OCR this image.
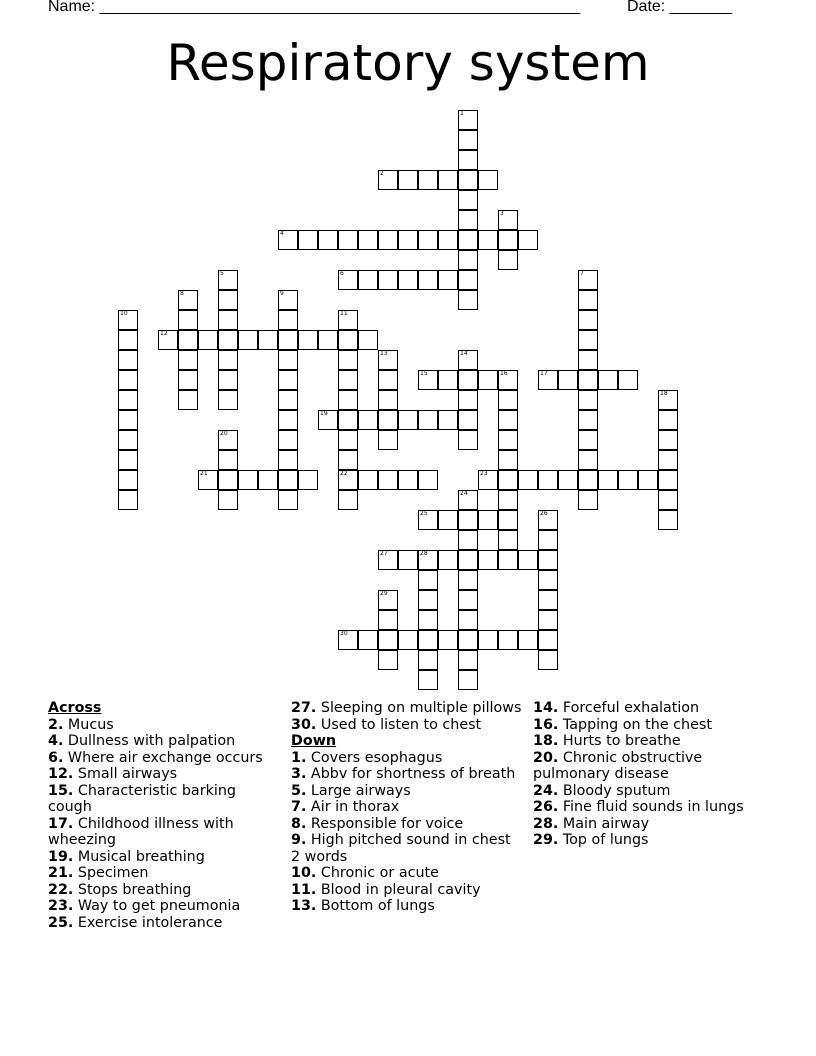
Name: ______________________________________________________	Date: _______
Respiratory system
1
2
3
4
5	6	7
8	9
10	11
12
13	14
15	16	17
18
19
20
21	22	23
24
25	26
27	28
29
30
Across
2. Mucus
4. Dullness with palpation
6. Where air exchange occurs
12. Small airways
15. Characteristic barking cough
17. Childhood illness with wheezing
19. Musical breathing
21. Specimen
22. Stops breathing
23. Way to get pneumonia
25. Exercise intolerance
27. Sleeping on multiple pillows
30. Used to listen to chest
Down
1. Covers esophagus
3. Abbv for shortness of breath
5. Large airways
7. Air in thorax
8. Responsible for voice
9. High pitched sound in chest 2 words
10. Chronic or acute
11. Blood in pleural cavity
13. Bottom of lungs
14. Forceful exhalation
16. Tapping on the chest
18. Hurts to breathe
20. Chronic obstructive pulmonary disease
24. Bloody sputum
26. Fine fluid sounds in lungs
28. Main airway
29. Top of lungs
